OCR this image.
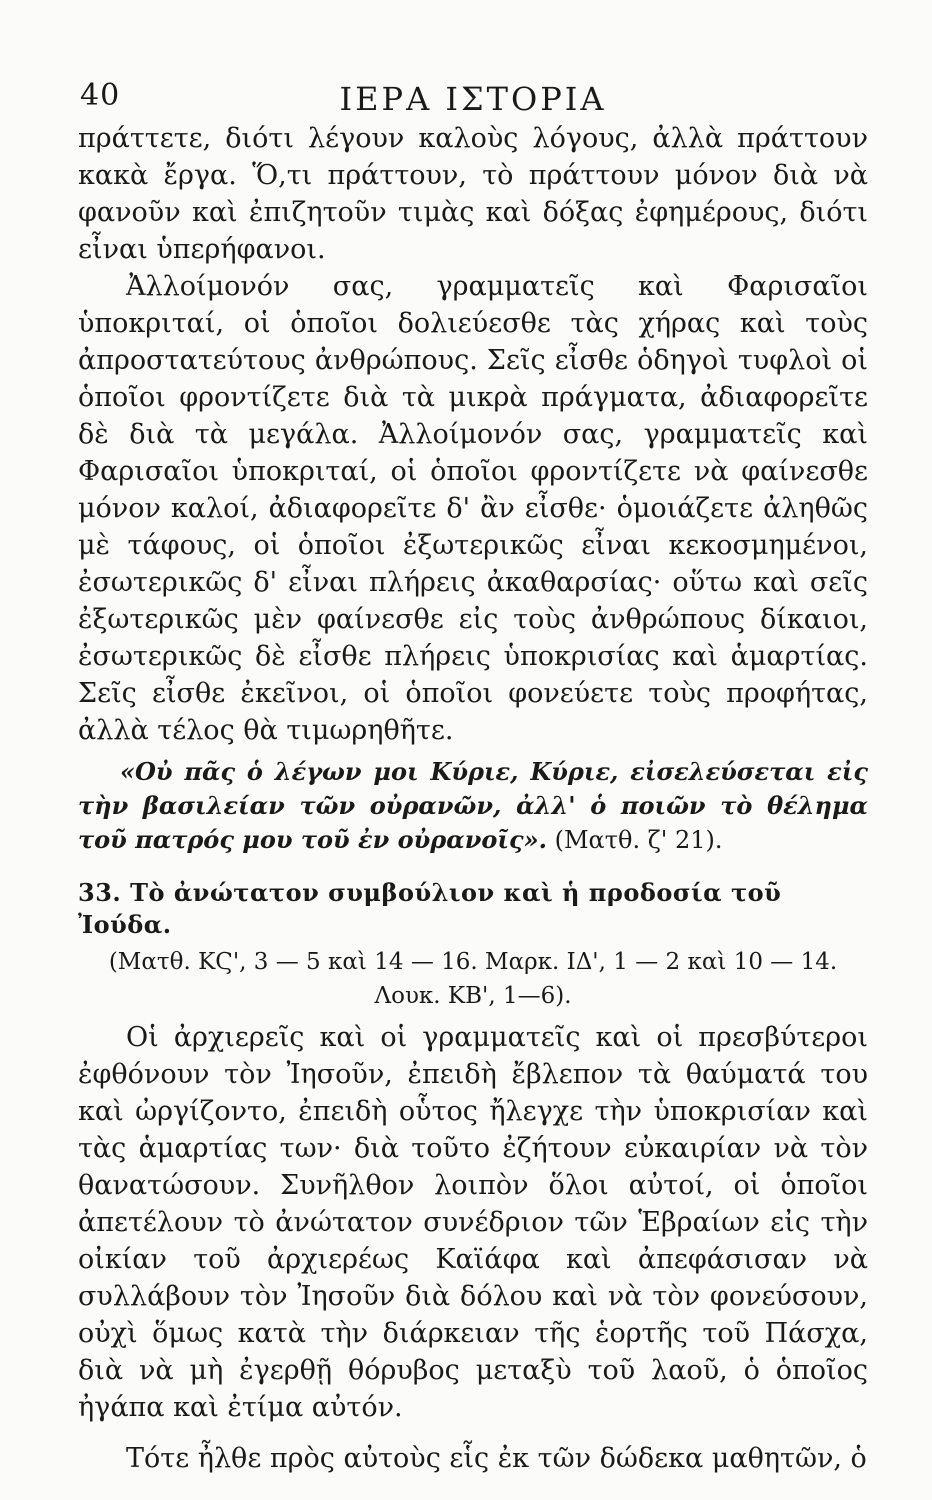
40	ΙΕΡΑ ΙΣΤΟΡΙΑ

πράττετε, διότι λέγουν καλοὺς λόγους, ἀλλὰ πράττουν κακὰ ἔργα. Ὅ,τι πράττουν, τὸ πράττουν μόνον διὰ νὰ φανοῦν καὶ ἐπιζητοῦν τιμὰς καὶ δόξας ἐφημέρους, διότι εἶναι ὑπερήφανοι.

Ἀλλοίμονόν σας, γραμματεῖς καὶ Φαρισαῖοι ὑποκριταί, οἱ ὁποῖοι δολιεύεσθε τὰς χήρας καὶ τοὺς ἀπροστατεύτους ἀνθρώπους. Σεῖς εἶσθε ὁδηγοὶ τυφλοὶ οἱ ὁποῖοι φροντίζετε διὰ τὰ μικρὰ πράγματα, ἀδιαφορεῖτε δὲ διὰ τὰ μεγάλα. Ἀλλοίμονόν σας, γραμματεῖς καὶ Φαρισαῖοι ὑποκριταί, οἱ ὁποῖοι φροντίζετε νὰ φαίνεσθε μόνον καλοί, ἀδιαφορεῖτε δ' ἂν εἶσθε· ὁμοιάζετε ἀληθῶς μὲ τάφους, οἱ ὁποῖοι ἐξωτερικῶς εἶναι κεκοσμημένοι, ἐσωτερικῶς δ' εἶναι πλήρεις ἀκαθαρσίας· οὕτω καὶ σεῖς ἐξωτερικῶς μὲν φαίνεσθε εἰς τοὺς ἀνθρώπους δίκαιοι, ἐσωτερικῶς δὲ εἶσθε πλήρεις ὑποκρισίας καὶ ἁμαρτίας. Σεῖς εἶσθε ἐκεῖνοι, οἱ ὁποῖοι φονεύετε τοὺς προφήτας, ἀλλὰ τέλος θὰ τιμωρηθῆτε.

«Οὐ πᾶς ὁ λέγων μοι Κύριε, Κύριε, εἰσελεύσεται εἰς τὴν βασιλείαν τῶν οὐρανῶν, ἀλλ' ὁ ποιῶν τὸ θέλημα τοῦ πατρός μου τοῦ ἐν οὐρανοῖς». (Ματθ. ζ' 21).

33. Τὸ ἀνώτατον συμβούλιον καὶ ἡ προδοσία τοῦ Ἰούδα.
(Ματθ. ΚϚ', 3 — 5 καὶ 14 — 16. Μαρκ. ΙΔ', 1 — 2 καὶ 10 — 14.
Λουκ. ΚΒ', 1—6).

Οἱ ἀρχιερεῖς καὶ οἱ γραμματεῖς καὶ οἱ πρεσβύτεροι ἐφθόνουν τὸν Ἰησοῦν, ἐπειδὴ ἔβλεπον τὰ θαύματά του καὶ ὠργίζοντο, ἐπειδὴ οὗτος ἤλεγχε τὴν ὑποκρισίαν καὶ τὰς ἁμαρτίας των· διὰ τοῦτο ἐζήτουν εὐκαιρίαν νὰ τὸν θανατώσουν. Συνῆλθον λοιπὸν ὅλοι αὐτοί, οἱ ὁποῖοι ἀπετέλουν τὸ ἀνώτατον συνέδριον τῶν Ἑβραίων εἰς τὴν οἰκίαν τοῦ ἀρχιερέως Καϊάφα καὶ ἀπεφάσισαν νὰ συλλάβουν τὸν Ἰησοῦν διὰ δόλου καὶ νὰ τὸν φονεύσουν, οὐχὶ ὅμως κατὰ τὴν διάρκειαν τῆς ἑορτῆς τοῦ Πάσχα, διὰ νὰ μὴ ἐγερθῇ θόρυβος μεταξὺ τοῦ λαοῦ, ὁ ὁποῖος ἠγάπα καὶ ἐτίμα αὐτόν.

Τότε ἦλθε πρὸς αὐτοὺς εἷς ἐκ τῶν δώδεκα μαθητῶν, ὁ
